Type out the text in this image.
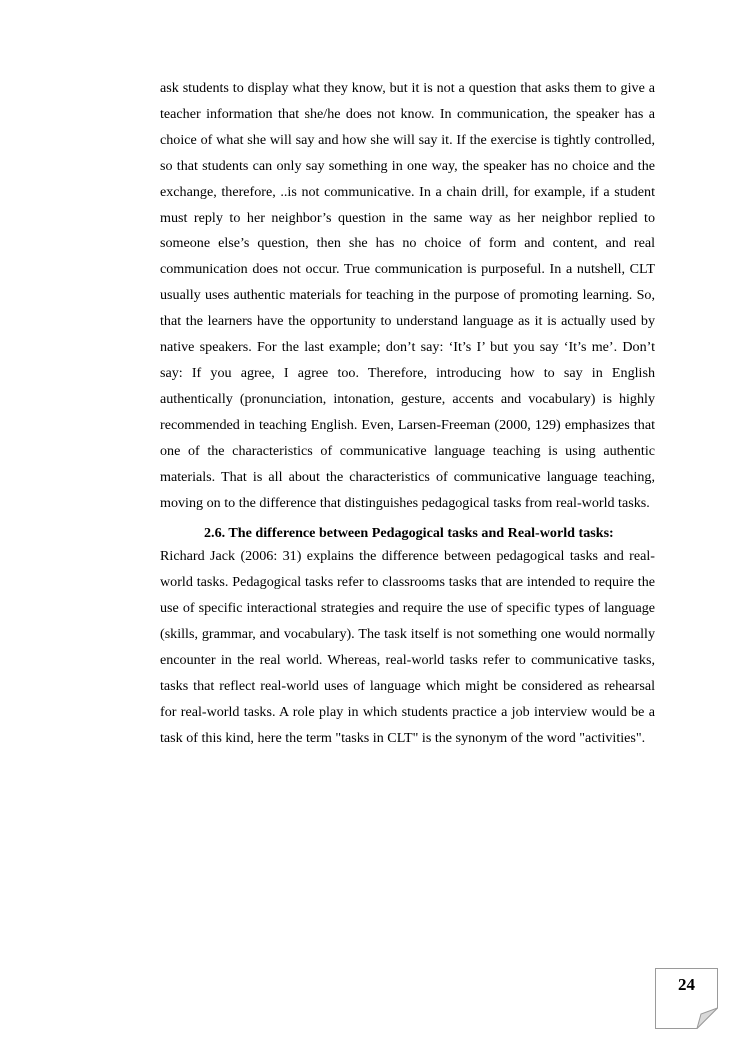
ask students to display what they know, but it is not a question that asks them to give a teacher information that she/he does not know. In communication, the speaker has a choice of what she will say and how she will say it. If the exercise is tightly controlled, so that students can only say something in one way, the speaker has no choice and the exchange, therefore, ..is not communicative. In a chain drill, for example, if a student must reply to her neighbor’s question in the same way as her neighbor replied to someone else’s question, then she has no choice of form and content, and real communication does not occur. True communication is purposeful. In a nutshell, CLT usually uses authentic materials for teaching in the purpose of promoting learning. So, that the learners have the opportunity to understand language as it is actually used by native speakers. For the last example; don’t say: ‘It’s I’ but you say ‘It’s me’. Don’t say: If you agree, I agree too. Therefore, introducing how to say in English authentically (pronunciation, intonation, gesture, accents and vocabulary) is highly recommended in teaching English. Even, Larsen-Freeman (2000, 129) emphasizes that one of the characteristics of communicative language teaching is using authentic materials. That is all about the characteristics of communicative language teaching, moving on to the difference that distinguishes pedagogical tasks from real-world tasks.

2.6. The difference between Pedagogical tasks and Real-world tasks:

Richard Jack (2006: 31) explains the difference between pedagogical tasks and real-world tasks. Pedagogical tasks refer to classrooms tasks that are intended to require the use of specific interactional strategies and require the use of specific types of language (skills, grammar, and vocabulary). The task itself is not something one would normally encounter in the real world. Whereas, real-world tasks refer to communicative tasks, tasks that reflect real-world uses of language which might be considered as rehearsal for real-world tasks. A role play in which students practice a job interview would be a task of this kind, here the term "tasks in CLT" is the synonym of the word "activities".

24
